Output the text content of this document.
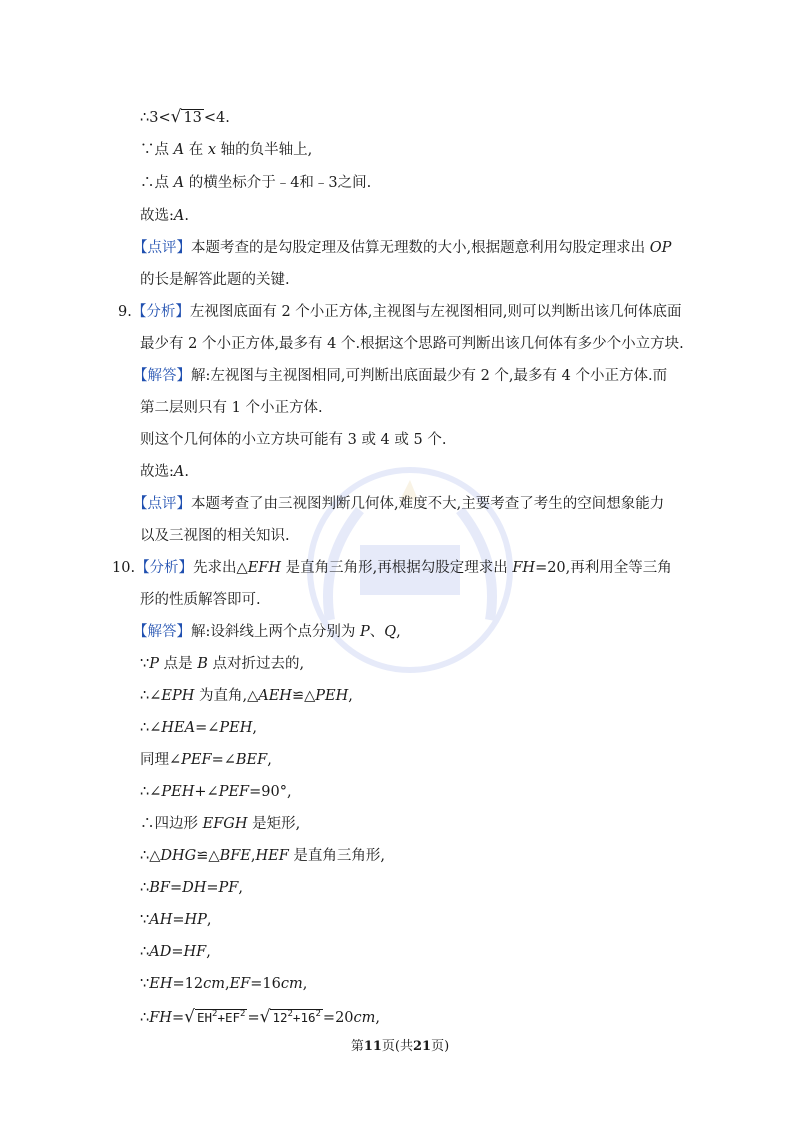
∴3<√ 13 <4.
∵点 A 在 x 轴的负半轴上,
∴点 A 的横坐标介于﹣4和﹣3之间.
故选:A.
【点评】本题考查的是勾股定理及估算无理数的大小,根据题意利用勾股定理求出 OP
的长是解答此题的关键.
9.【分析】左视图底面有 2 个小正方体,主视图与左视图相同,则可以判断出该几何体底面
最少有 2 个小正方体,最多有 4 个.根据这个思路可判断出该几何体有多少个小立方块.
【解答】解:左视图与主视图相同,可判断出底面最少有 2 个,最多有 4 个小正方体.而
第二层则只有 1 个小正方体.
则这个几何体的小立方块可能有 3 或 4 或 5 个.
故选:A.
【点评】本题考查了由三视图判断几何体,难度不大,主要考查了考生的空间想象能力
以及三视图的相关知识.
10.【分析】先求出△EFH 是直角三角形,再根据勾股定理求出 FH=20,再利用全等三角
形的性质解答即可.
【解答】解:设斜线上两个点分别为 P、Q,
∵P 点是 B 点对折过去的,
∴∠EPH 为直角,△AEH≌△PEH,
∴∠HEA=∠PEH,
同理∠PEF=∠BEF,
∴∠PEH+∠PEF=90°,
∴四边形 EFGH 是矩形,
∴△DHG≌△BFE,HEF 是直角三角形,
∴BF=DH=PF,
∵AH=HP,
∴AD=HF,
∵EH=12cm,EF=16cm,
∴FH=√ $EH^2+EF^2$ =√ $12^2+16^2 =20cm$,
第11页(共21页)
